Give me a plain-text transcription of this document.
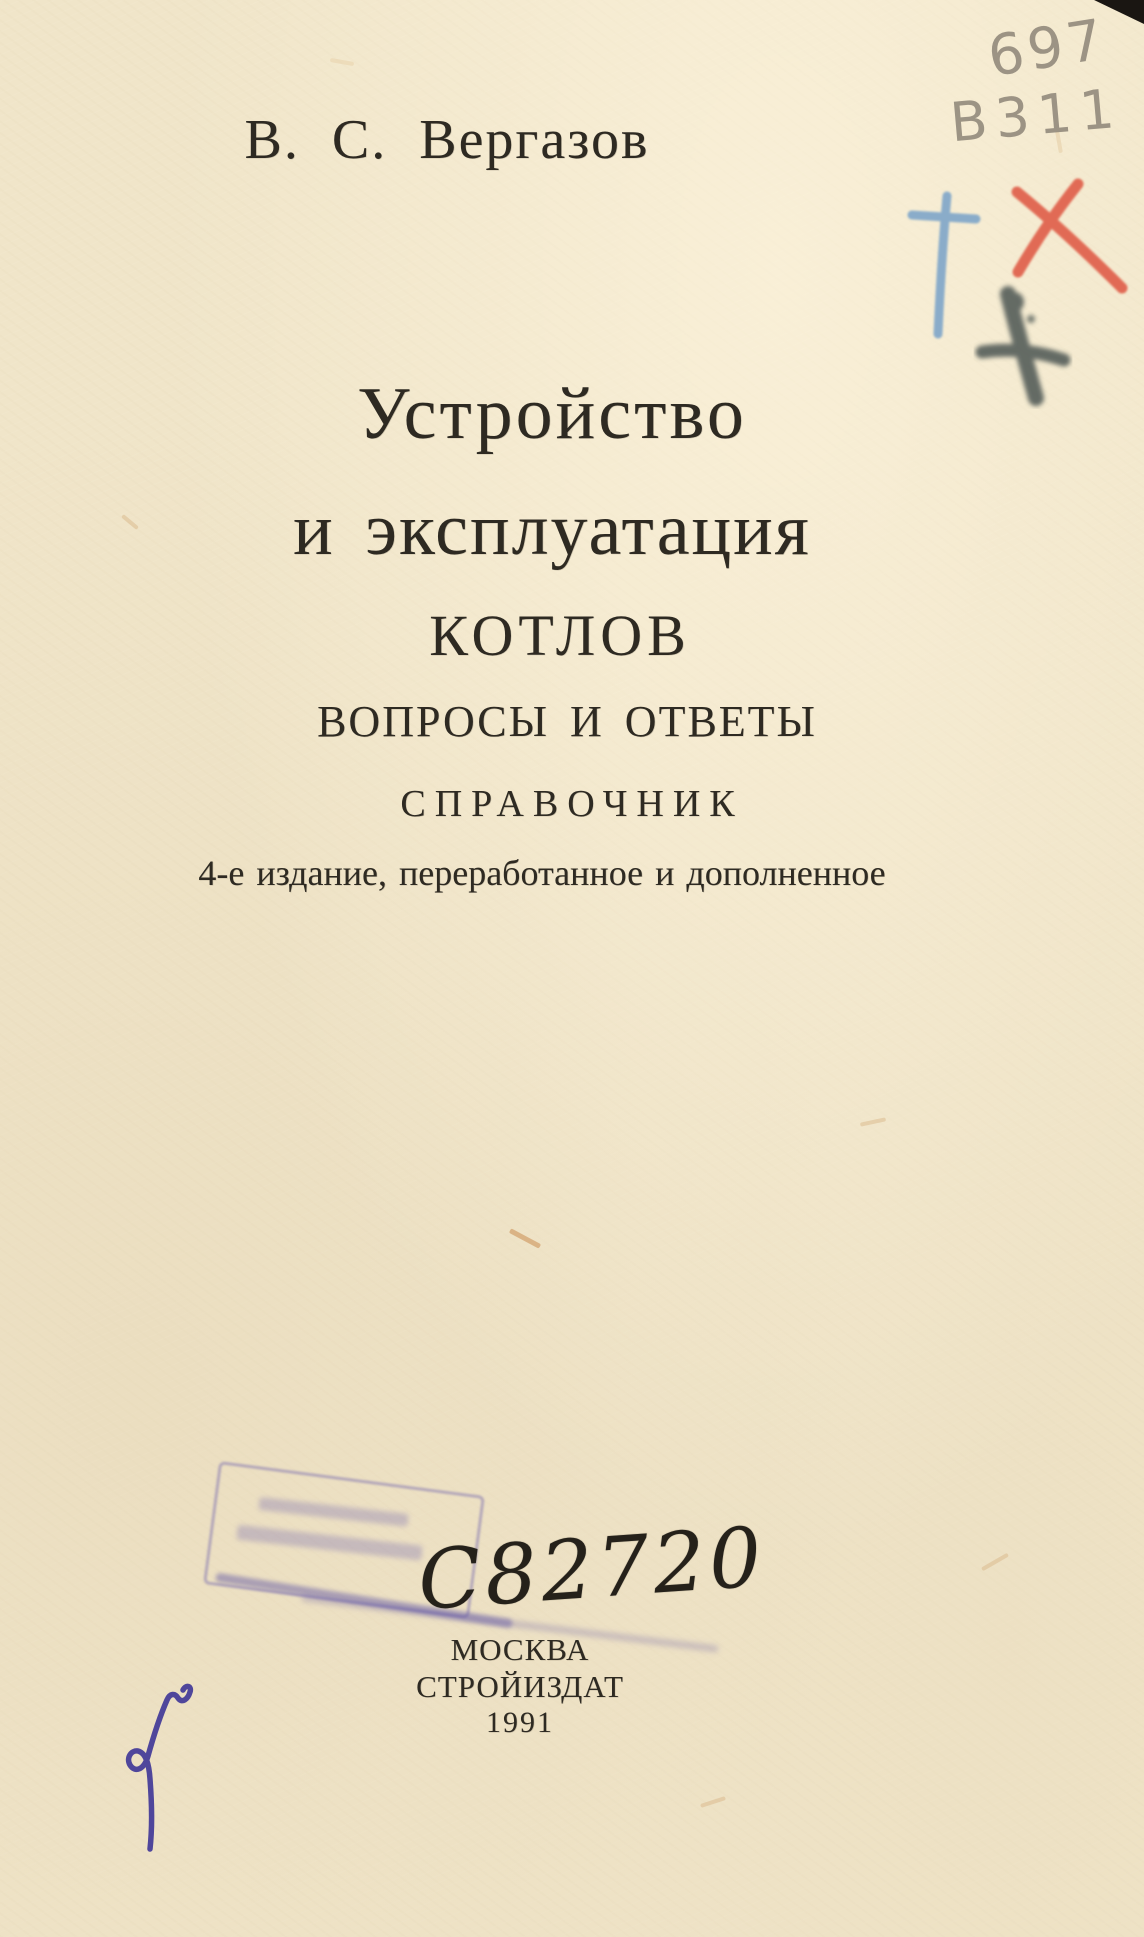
В. С. Вергазов
Устройство
и эксплуатация
КОТЛОВ
ВОПРОСЫ И ОТВЕТЫ
СПРАВОЧНИК
4-е издание, переработанное и дополненное
МОСКВА
СТРОЙИЗДАТ
1991
697
В311
С82720
